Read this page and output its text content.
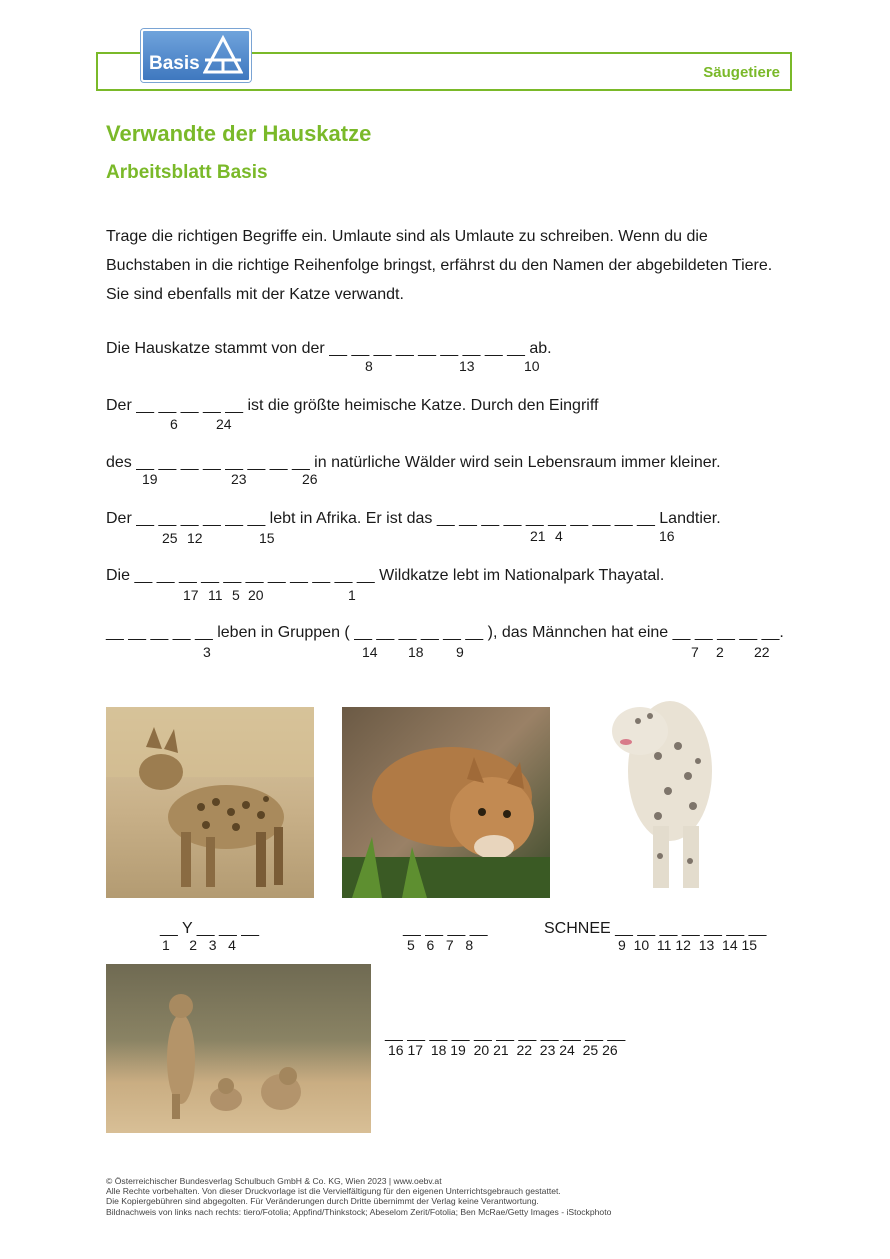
Säugetiere
Basis
Verwandte der Hauskatze
Arbeitsblatt Basis
Trage die richtigen Begriffe ein. Umlaute sind als Umlaute zu schreiben. Wenn du die Buchstaben in die richtige Reihenfolge bringst, erfährst du den Namen der abgebildeten Tiere. Sie sind ebenfalls mit der Katze verwandt.
Die Hauskatze stammt von der __ __ __ __ __ __ __ __ __ ab.
8	13	10
Der __ __ __ __ __ ist die größte heimische Katze. Durch den Eingriff
6	24
des __ __ __ __ __ __ __ __ in natürliche Wälder wird sein Lebensraum immer kleiner.
19	23	26
Der __ __ __ __ __ __ lebt in Afrika. Er ist das __ __ __ __ __ __ __ __ __ __ Landtier.
25 12	15	21 4	16
Die __ __ __ __ __ __ __ __ __ __ __ Wildkatze lebt im Nationalpark Thayatal.
17 11 5 20	1
__ __ __ __ __ leben in Gruppen ( __ __ __ __ __ __ ), das Männchen hat eine __ __ __ __ __.
3	14 18 9	7 2 22
__ Y __ __ __
1     2   3   4
__ __ __ __
5   6   7   8
SCHNEE __ __ __ __ __ __ __
9  10  11 12  13  14 15
__ __ __ __ __ __ __ __ __ __ __
16 17  18 19  20 21  22  23 24  25 26
© Österreichischer Bundesverlag Schulbuch GmbH & Co. KG, Wien 2023 | www.oebv.at
Alle Rechte vorbehalten. Von dieser Druckvorlage ist die Vervielfältigung für den eigenen Unterrichtsgebrauch gestattet.
Die Kopiergebühren sind abgegolten. Für Veränderungen durch Dritte übernimmt der Verlag keine Verantwortung.
Bildnachweis von links nach rechts: tiero/Fotolia; Appfind/Thinkstock; Abeselom Zerit/Fotolia; Ben McRae/Getty Images - iStockphoto
